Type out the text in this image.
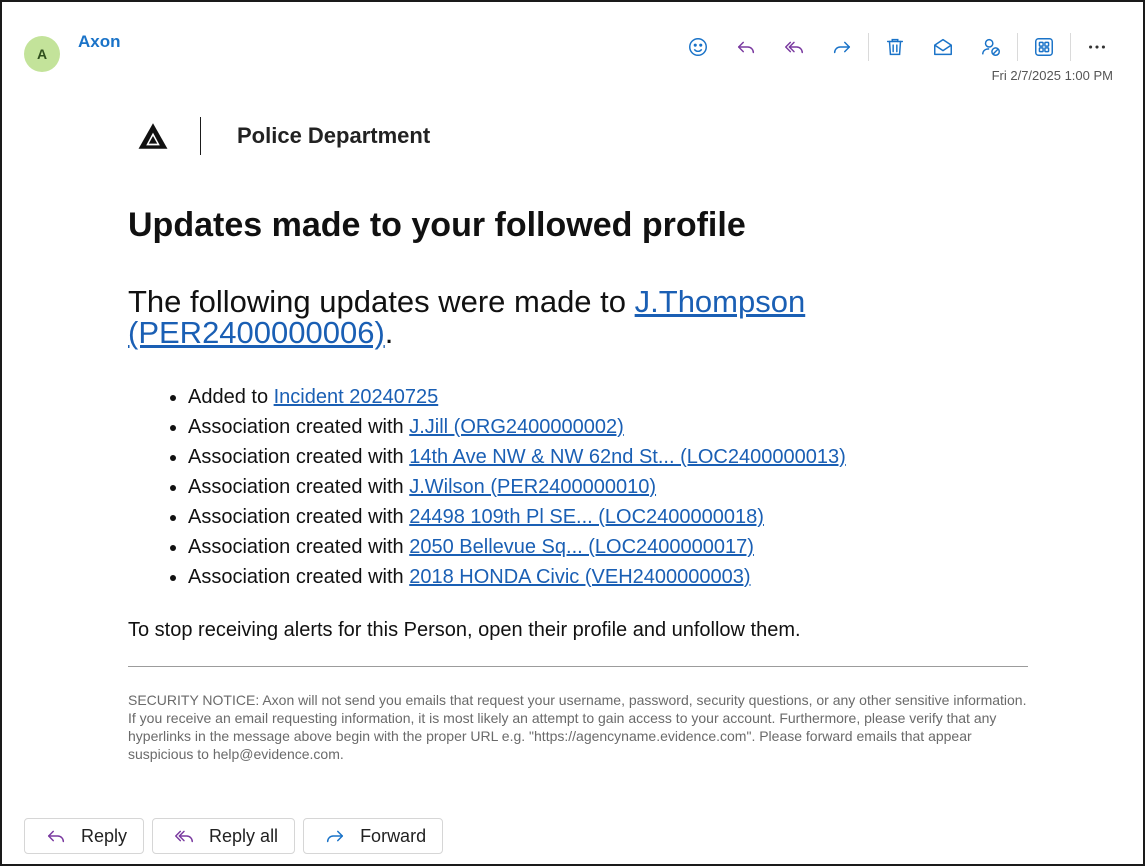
A
Axon
Fri 2/7/2025 1:00 PM
Police Department
Updates made to your followed profile

The following updates were made to J.Thompson (PER2400000006).

• Added to Incident 20240725
• Association created with J.Jill (ORG2400000002)
• Association created with 14th Ave NW & NW 62nd St... (LOC2400000013)
• Association created with J.Wilson (PER2400000010)
• Association created with 24498 109th Pl SE... (LOC2400000018)
• Association created with 2050 Bellevue Sq... (LOC2400000017)
• Association created with 2018 HONDA Civic (VEH2400000003)

To stop receiving alerts for this Person, open their profile and unfollow them.

SECURITY NOTICE: Axon will not send you emails that request your username, password, security questions, or any other sensitive information. If you receive an email requesting information, it is most likely an attempt to gain access to your account. Furthermore, please verify that any hyperlinks in the message above begin with the proper URL e.g. "https://agencyname.evidence.com". Please forward emails that appear suspicious to help@evidence.com.
Reply	Reply all	Forward
